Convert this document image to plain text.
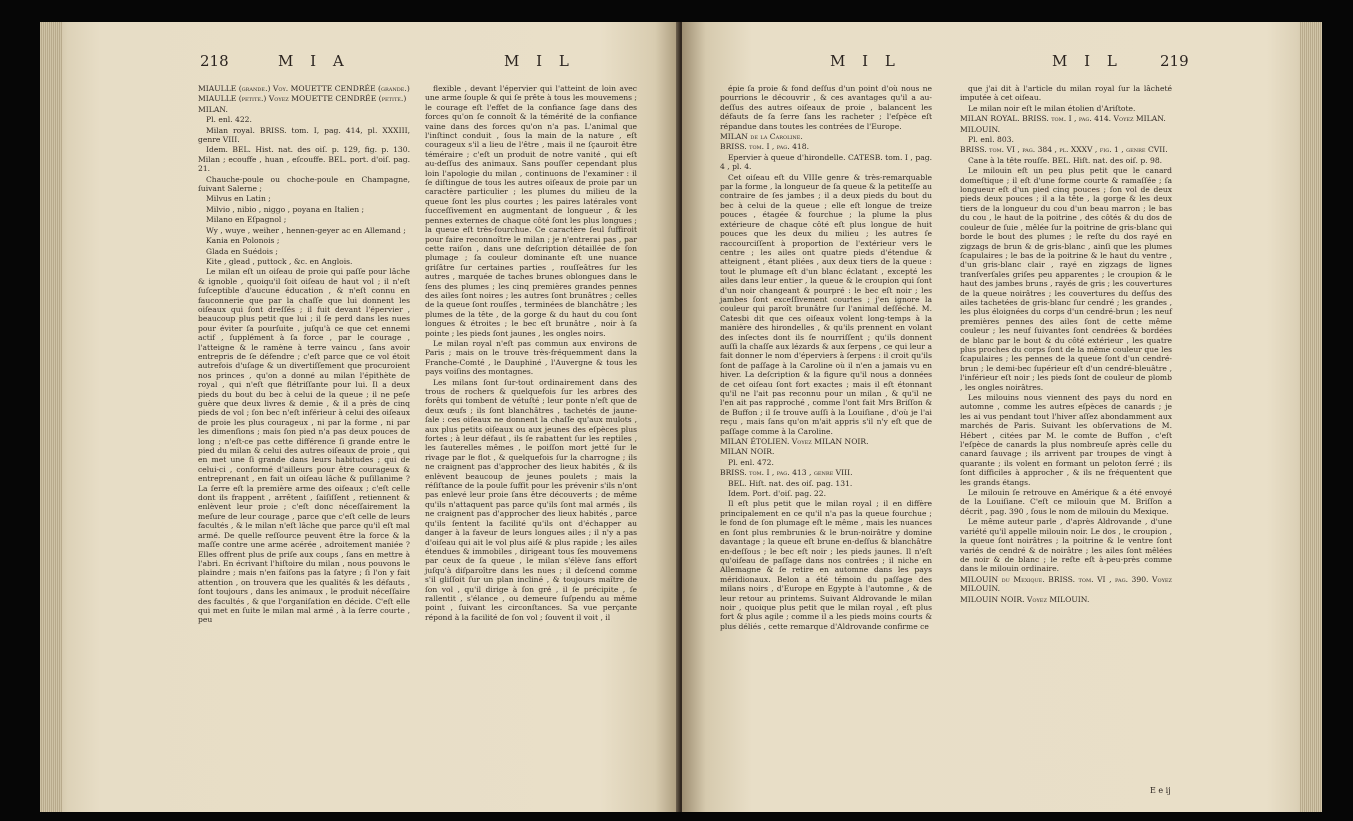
218	M I A	M I L

MIAULLE (grande.) Voy. MOUETTE CENDRÉE (grande.)

MIAULLE (petite.) Voyez MOUETTE CENDRÉE (petite.)

MILAN.

Pl. enl. 422.

Milan royal. BRISS. tom. I, pag. 414, pl. XXXIII, genre VIII.

Idem. BEL. Hist. nat. des oiſ. p. 129, fig. p. 130. Milan ; ecouffe , huan , eſcouffe. BEL. port. d'oiſ. pag. 21.

Chauche-poule ou choche-poule en Champagne, ſuivant Salerne ;

Milvus en Latin ;

Milvio , nibio , niggo , poyana en Italien ;

Milano en Eſpagnol ;

Wy , wuye , weiher , hennen-geyer ac en Allemand ;

Kania en Polonois ;

Glada en Suédois ;

Kite , glead , puttock , &c. en Anglois.

Le milan eſt un oiſeau de proie qui paſſe pour lâche & ignoble , quoiqu'il ſoit oiſeau de haut vol ; il n'eſt ſuſceptible d'aucune éducation , & n'eſt connu en fauconnerie que par la chaſſe que lui donnent les oiſeaux qui ſont dreſſés ; il fuit devant l'épervier , beaucoup plus petit que lui ; il ſe perd dans les nues pour éviter ſa pourſuite , juſqu'à ce que cet ennemi actif , ſupplément à ſa force , par le courage , l'atteigne & le ramène à terre vaincu , ſans avoir entrepris de ſe défendre ; c'eſt parce que ce vol étoit autrefois d'uſage & un divertiſſement que procuroient nos princes , qu'on a donné au milan l'épithète de royal , qui n'eſt que flétriſſante pour lui. Il a deux pieds du bout du bec à celui de la queue ; il ne peſe guère que deux livres & demie , & il a près de cinq pieds de vol ; ſon bec n'eſt inférieur à celui des oiſeaux de proie les plus courageux , ni par la forme , ni par les dimenſions ; mais ſon pied n'a pas deux pouces de long ; n'eſt-ce pas cette différence ſi grande entre le pied du milan & celui des autres oiſeaux de proie , qui en met une ſi grande dans leurs habitudes ; qui de celui-ci , conformé d'ailleurs pour être courageux & entreprenant , en fait un oiſeau lâche & puſillanime ? La ſerre eſt la première arme des oiſeaux ; c'eſt celle dont ils frappent , arrêtent , ſaiſiſſent , retiennent & enlèvent leur proie ; c'eſt donc néceſſairement la meſure de leur courage , parce que c'eſt celle de leurs facultés , & le milan n'eſt lâche que parce qu'il eſt mal armé. De quelle reſſource peuvent être la force & la maſſe contre une arme acérée , adroitement maniée ? Elles offrent plus de priſe aux coups , ſans en mettre à l'abri. En écrivant l'hiſtoire du milan , nous pouvons le plaindre ; mais n'en faiſons pas la ſatyre ; ſi l'on y fait attention , on trouvera que les qualités & les défauts , ſont toujours , dans les animaux , le produit néceſſaire des facultés , & que l'organiſation en décide. C'eſt elle qui met en ſuite le milan mal armé , à la ſerre courte , peu

flexible , devant l'épervier qui l'atteint de loin avec une arme ſouple & qui ſe prête à tous les mouvemens ; le courage eſt l'effet de la confiance ſage dans des forces qu'on ſe connoît & la témérité de la confiance vaine dans des forces qu'on n'a pas. L'animal que l'inſtinct conduit , ſous la main de la nature , eſt courageux s'il a lieu de l'être , mais il ne ſçauroit être téméraire ; c'eſt un produit de notre vanité , qui eſt au-deſſus des animaux. Sans pouſſer cependant plus loin l'apologie du milan , continuons de l'examiner : il ſe diſtingue de tous les autres oiſeaux de proie par un caractère particulier ; les plumes du milieu de la queue ſont les plus courtes ; les paires latérales vont ſucceſſivement en augmentant de longueur , & les pennes externes de chaque côté ſont les plus longues ; la queue eſt très-fourchue. Ce caractère ſeul ſuffiroit pour faire reconnoître le milan ; je n'entrerai pas , par cette raiſon , dans une deſcription détaillée de ſon plumage ; ſa couleur dominante eſt une nuance griſâtre ſur certaines parties , rouſſeâtres ſur les autres , marquée de taches brunes oblongues dans le ſens des plumes ; les cinq premières grandes pennes des ailes ſont noires ; les autres ſont brunâtres ; celles de la queue ſont rouſſes , terminées de blanchâtre ; les plumes de la tête , de la gorge & du haut du cou ſont longues & étroites ; le bec eſt brunâtre , noir à ſa pointe ; les pieds ſont jaunes , les ongles noirs.

Le milan royal n'eſt pas commun aux environs de Paris ; mais on le trouve très-fréquemment dans la Franche-Comté , le Dauphiné , l'Auvergne & tous les pays voiſins des montagnes.

Les milans ſont ſur-tout ordinairement dans des trous de rochers & quelquefois ſur les arbres des forêts qui tombent de vétuſté ; leur ponte n'eſt que de deux œufs ; ils ſont blanchâtres , tachetés de jaune-ſale : ces oiſeaux ne donnent la chaſſe qu'aux mulots , aux plus petits oiſeaux ou aux jeunes des eſpèces plus fortes ; à leur défaut , ils ſe rabattent ſur les reptiles , les ſauterelles mêmes , le poiſſon mort jetté ſur le rivage par le flot , & quelquefois ſur la charrogne ; ils ne craignent pas d'approcher des lieux habités , & ils enlèvent beaucoup de jeunes poulets ; mais la réſiſtance de la poule ſuffit pour les prévenir s'ils n'ont pas enlevé leur proie ſans être découverts ; de même qu'ils n'attaquent pas parce qu'ils ſont mal armés , ils ne craignent pas d'approcher des lieux habités , parce qu'ils ſentent la facilité qu'ils ont d'échapper au danger à la faveur de leurs longues ailes ; il n'y a pas d'oiſeau qui ait le vol plus aiſé & plus rapide ; les ailes étendues & immobiles , dirigeant tous ſes mouvemens par ceux de ſa queue , le milan s'élève ſans effort juſqu'à diſparoître dans les nues ; il deſcend comme s'il gliſſoit ſur un plan incliné , & toujours maître de ſon vol , qu'il dirige à ſon gré , il ſe précipite , ſe rallentit , s'élance , ou demeure ſuſpendu au même point , ſuivant les circonſtances. Sa vue perçante répond à la facilité de ſon vol ; ſouvent il voit , il

M I L	M I L 219

épie ſa proie & fond deſſus d'un point d'où nous ne pourrions le découvrir , & ces avantages qu'il a au-deſſus des autres oiſeaux de proie , balancent les défauts de ſa ſerre ſans les racheter ; l'eſpèce eſt répandue dans toutes les contrées de l'Europe.

MILAN de la Caroline.

BRISS. tom. I , pag. 418.

Epervier à queue d'hirondelle. CATESB. tom. I , pag. 4 , pl. 4.

Cet oiſeau eſt du VIIIe genre & très-remarquable par la forme , la longueur de ſa queue & la petiteſſe au contraire de ſes jambes ; il a deux pieds du bout du bec à celui de la queue ; elle eſt longue de treize pouces , étagée & fourchue ; la plume la plus extérieure de chaque côté eſt plus longue de huit pouces que les deux du milieu ; les autres ſe raccourciſſent à proportion de l'extérieur vers le centre ; les ailes ont quatre pieds d'étendue & atteignent , étant pliées , aux deux tiers de la queue : tout le plumage eſt d'un blanc éclatant , excepté les ailes dans leur entier , la queue & le croupion qui ſont d'un noir changeant & pourpré : le bec eſt noir ; les jambes ſont exceſſivement courtes ; j'en ignore la couleur qui paroît brunâtre ſur l'animal deſſéché. M. Catesbi dit que ces oiſeaux volent long-temps à la manière des hirondelles , & qu'ils prennent en volant des inſectes dont ils ſe nourriſſent ; qu'ils donnent auſſi la chaſſe aux lézards & aux ſerpens , ce qui leur a fait donner le nom d'éperviers à ſerpens : il croit qu'ils ſont de paſſage à la Caroline où il n'en a jamais vu en hiver. La deſcription & la figure qu'il nous a données de cet oiſeau ſont fort exactes ; mais il eſt étonnant qu'il ne l'ait pas reconnu pour un milan , & qu'il ne l'en ait pas rapproché , comme l'ont fait Mrs Briſſon & de Buffon ; il ſe trouve auſſi à la Louiſiane , d'où je l'ai reçu , mais ſans qu'on m'ait appris s'il n'y eſt que de paſſage comme à la Caroline.

MILAN ÉTOLIEN. Voyez MILAN NOIR.

MILAN NOIR.

Pl. enl. 472.

BRISS. tom. I , pag. 413 , genre VIII.

BEL. Hiſt. nat. des oiſ. pag. 131.

Idem. Port. d'oiſ. pag. 22.

Il eſt plus petit que le milan royal ; il en diffère principalement en ce qu'il n'a pas la queue fourchue ; le fond de ſon plumage eſt le même , mais les nuances en ſont plus rembrunies & le brun-noirâtre y domine davantage ; la queue eſt brune en-deſſus & blanchâtre en-deſſous ; le bec eſt noir ; les pieds jaunes. Il n'eſt qu'oiſeau de paſſage dans nos contrées ; il niche en Allemagne & ſe retire en automne dans les pays méridionaux. Belon a été témoin du paſſage des milans noirs , d'Europe en Egypte à l'automne , & de leur retour au printems. Suivant Aldrovande le milan noir , quoique plus petit que le milan royal , eſt plus fort & plus agile ; comme il a les pieds moins courts & plus déliés , cette remarque d'Aldrovande confirme ce

que j'ai dit à l'article du milan royal ſur la lâcheté imputée à cet oiſeau.

Le milan noir eſt le milan étolien d'Ariſtote.

MILAN ROYAL. BRISS. tom. I , pag. 414. Voyez MILAN.

MILOUIN.

Pl. enl. 803.

BRISS. tom. VI , pag. 384 , pl. XXXV , fig. 1 , genre CVII.

Cane à la tête rouſſe. BEL. Hiſt. nat. des oiſ. p. 98.

Le milouin eſt un peu plus petit que le canard domeſtique ; il eſt d'une forme courte & ramaſſée ; ſa longueur eſt d'un pied cinq pouces ; ſon vol de deux pieds deux pouces ; il a la tête , la gorge & les deux tiers de la longueur du cou d'un beau marron ; le bas du cou , le haut de la poitrine , des côtés & du dos de couleur de ſuie , mêlée ſur la poitrine de gris-blanc qui borde le bout des plumes ; le reſte du dos rayé en zigzags de brun & de gris-blanc , ainſi que les plumes ſcapulaires ; le bas de la poitrine & le haut du ventre , d'un gris-blanc clair , rayé en zigzags de lignes tranſverſales griſes peu apparentes ; le croupion & le haut des jambes bruns , rayés de gris ; les couvertures de la queue noirâtres ; les couvertures du deſſus des ailes tachetées de gris-blanc ſur cendré ; les grandes , les plus éloignées du corps d'un cendré-brun ; les neuf premières pennes des ailes ſont de cette même couleur ; les neuf ſuivantes ſont cendrées & bordées de blanc par le bout & du côté extérieur , les quatre plus proches du corps ſont de la même couleur que les ſcapulaires ; les pennes de la queue ſont d'un cendré-brun ; le demi-bec ſupérieur eſt d'un cendré-bleuâtre , l'inférieur eſt noir ; les pieds ſont de couleur de plomb , les ongles noirâtres.

Les milouins nous viennent des pays du nord en automne , comme les autres eſpèces de canards ; je les ai vus pendant tout l'hiver aſſez abondamment aux marchés de Paris. Suivant les obſervations de M. Hébert , citées par M. le comte de Buffon , c'eſt l'eſpèce de canards la plus nombreuſe après celle du canard ſauvage ; ils arrivent par troupes de vingt à quarante ; ils volent en formant un peloton ſerré ; ils ſont difficiles à approcher , & ils ne fréquentent que les grands étangs.

Le milouin ſe retrouve en Amérique & a été envoyé de la Louiſiane. C'eſt ce milouin que M. Briſſon a décrit , pag. 390 , ſous le nom de milouin du Mexique.

Le même auteur parle , d'après Aldrovande , d'une variété qu'il appelle milouin noir. Le dos , le croupion , la queue ſont noirâtres ; la poitrine & le ventre ſont variés de cendré & de noirâtre ; les ailes ſont mêlées de noir & de blanc ; le reſte eſt à-peu-près comme dans le milouin ordinaire.

MILOUIN du Mexique. BRISS. tom. VI , pag. 390. Voyez MILOUIN.

MILOUIN NOIR. Voyez MILOUIN.

E e ij
